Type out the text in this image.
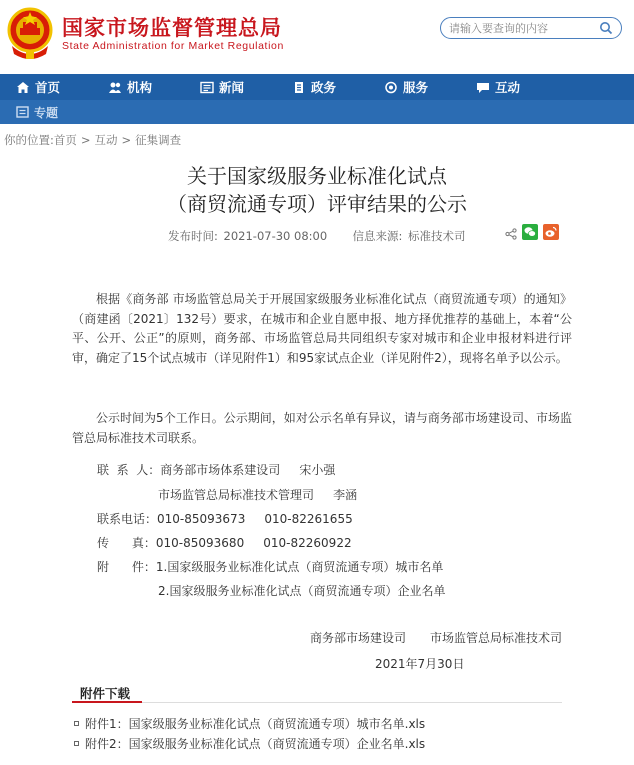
国家市场监督管理总局
State Administration for Market Regulation
请输入要查询的内容
首页	机构	新闻	政务	服务	互动
专题
你的位置:首页 > 互动 > 征集调查
关于国家级服务业标准化试点
（商贸流通专项）评审结果的公示
发布时间: 2021-07-30 08:00 信息来源: 标准技术司
根据《商务部 市场监管总局关于开展国家级服务业标准化试点（商贸流通专项）的通知》（商建函〔2021〕132号）要求，在城市和企业自愿申报、地方择优推荐的基础上，本着“公平、公开、公正”的原则，商务部、市场监管总局共同组织专家对城市和企业申报材料进行评审，确定了15个试点城市（详见附件1）和95家试点企业（详见附件2），现将名单予以公示。
公示时间为5个工作日。公示期间，如对公示名单有异议，请与商务部市场建设司、市场监管总局标准技术司联系。
联  系  人：商务部市场体系建设司     宋小强
市场监管总局标准技术管理司     李涵
联系电话：010-85093673     010-82261655
传      真：010-85093680     010-82260922
附      件：1.国家级服务业标准化试点（商贸流通专项）城市名单
2.国家级服务业标准化试点（商贸流通专项）企业名单
商务部市场建设司 市场监管总局标准技术司
2021年7月30日
附件下载
附件1：国家级服务业标准化试点（商贸流通专项）城市名单.xls
附件2：国家级服务业标准化试点（商贸流通专项）企业名单.xls
